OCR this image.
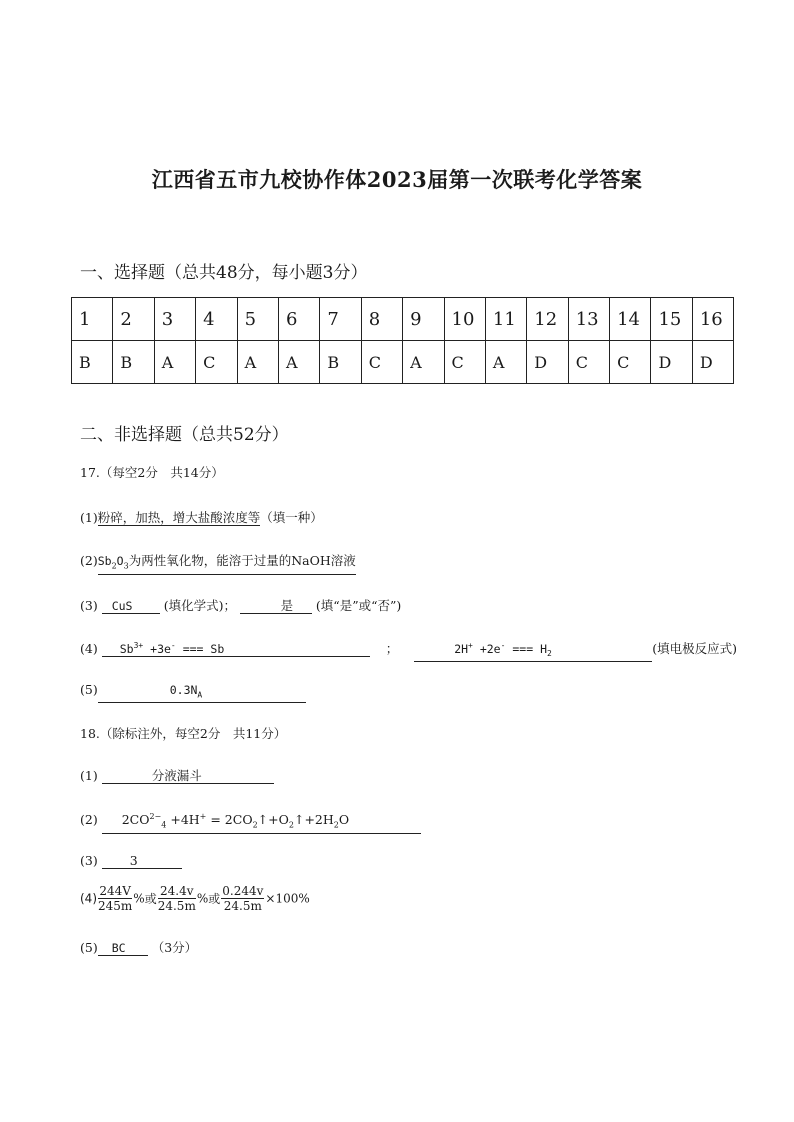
江西省五市九校协作体2023届第一次联考化学答案
一、选择题（总共48分，每小题3分）
1	2	3	4	5	6	7	8	9	10	11	12	13	14	15	16
B	B	A	C	A	A	B	C	A	C	A	D	C	C	D	D
二、非选择题（总共52分）
17.（每空2分　共14分）
(1)粉碎，加热，增大盐酸浓度等（填一种）
$(2)Sb_2O_3$为两性氧化物，能溶于过量的NaOH溶液
(3) CuS (填化学式)；	是 (填“是”或“否”)
(4) $Sb^{3+} +3e^-$ === Sb	；	2H+ +2e- === $H_2$	(填电极反应式)
(5)	$0.3N_A$
18.（除标注外，每空2分　共11分）
(1)	分液漏斗
(2) $2CO^{2-}_4 +4H^+$ = $2CO_2↑+O_2↑+2H_2O$
(3)	3
$(4) \frac{244V}{245m}$ %或 $\frac{24.4v}{24.5m}$ %或 $\frac{0.244v}{24.5m} \times 100\%$
(5) BC （3分）
